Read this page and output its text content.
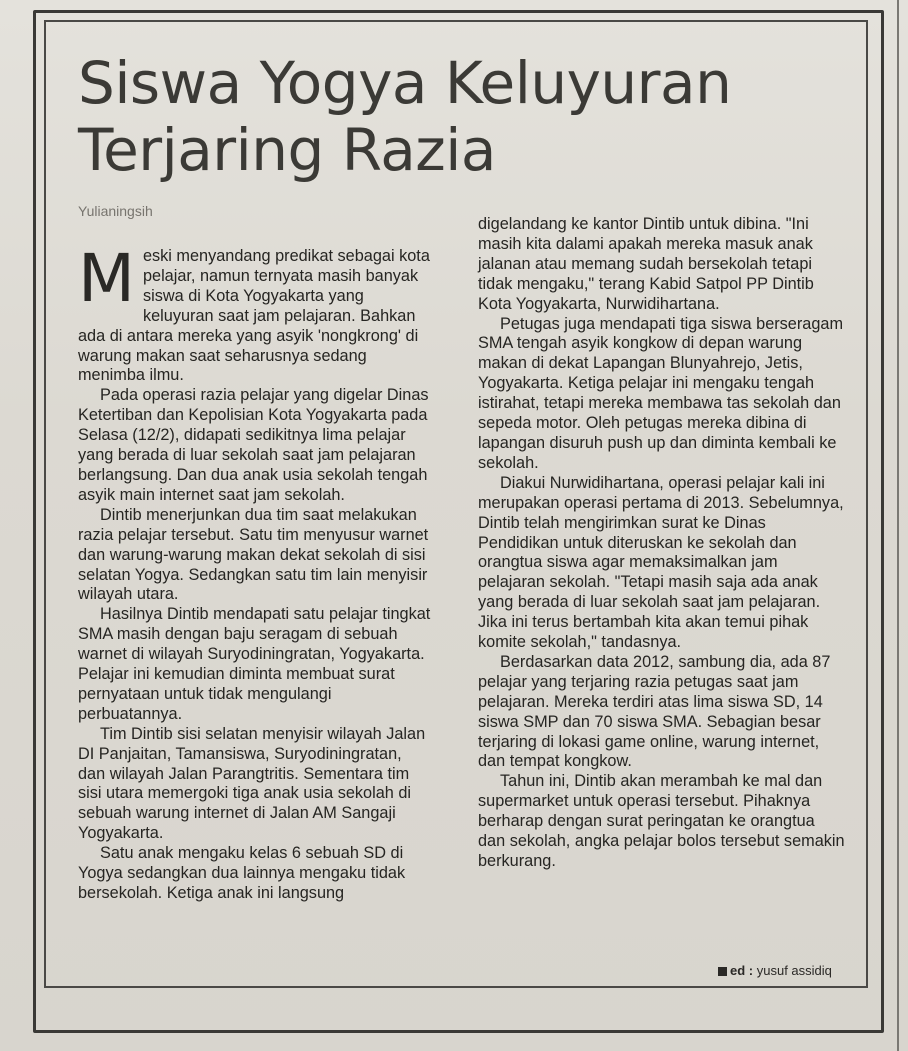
Siswa Yogya Keluyuran
Terjaring Razia
Yulianingsih

Meski menyandang predikat sebagai kota pelajar, namun ternyata masih banyak siswa di Kota Yogyakarta yang keluyuran saat jam pelajaran. Bahkan ada di antara mereka yang asyik 'nongkrong' di warung makan saat seharusnya sedang menimba ilmu.

Pada operasi razia pelajar yang digelar Dinas Ketertiban dan Kepolisian Kota Yogyakarta pada Selasa (12/2), didapati sedikitnya lima pelajar yang berada di luar sekolah saat jam pelajaran berlangsung. Dan dua anak usia sekolah tengah asyik main internet saat jam sekolah.

Dintib menerjunkan dua tim saat melakukan razia pelajar tersebut. Satu tim menyusur warnet dan warung-warung makan dekat sekolah di sisi selatan Yogya. Sedangkan satu tim lain menyisir wilayah utara.

Hasilnya Dintib mendapati satu pelajar tingkat SMA masih dengan baju seragam di sebuah warnet di wilayah Suryodiningratan, Yogyakarta. Pelajar ini kemudian diminta membuat surat pernyataan untuk tidak mengulangi perbuatannya.

Tim Dintib sisi selatan menyisir wilayah Jalan DI Panjaitan, Tamansiswa, Suryodiningratan, dan wilayah Jalan Parangtritis. Sementara tim sisi utara memergoki tiga anak usia sekolah di sebuah warung internet di Jalan AM Sangaji Yogyakarta.

Satu anak mengaku kelas 6 sebuah SD di Yogya sedangkan dua lainnya mengaku tidak bersekolah. Ketiga anak ini langsung

digelandang ke kantor Dintib untuk dibina. "Ini masih kita dalami apakah mereka masuk anak jalanan atau memang sudah bersekolah tetapi tidak mengaku," terang Kabid Satpol PP Dintib Kota Yogyakarta, Nurwidihartana.

Petugas juga mendapati tiga siswa berseragam SMA tengah asyik kongkow di depan warung makan di dekat Lapangan Blunyahrejo, Jetis, Yogyakarta. Ketiga pelajar ini mengaku tengah istirahat, tetapi mereka membawa tas sekolah dan sepeda motor. Oleh petugas mereka dibina di lapangan disuruh push up dan diminta kembali ke sekolah.

Diakui Nurwidihartana, operasi pelajar kali ini merupakan operasi pertama di 2013. Sebelumnya, Dintib telah mengirimkan surat ke Dinas Pendidikan untuk diteruskan ke sekolah dan orangtua siswa agar memaksimalkan jam pelajaran sekolah. "Tetapi masih saja ada anak yang berada di luar sekolah saat jam pelajaran. Jika ini terus bertambah kita akan temui pihak komite sekolah," tandasnya.

Berdasarkan data 2012, sambung dia, ada 87 pelajar yang terjaring razia petugas saat jam pelajaran. Mereka terdiri atas lima siswa SD, 14 siswa SMP dan 70 siswa SMA. Sebagian besar terjaring di lokasi game online, warung internet, dan tempat kongkow.

Tahun ini, Dintib akan merambah ke mal dan supermarket untuk operasi tersebut. Pihaknya berharap dengan surat peringatan ke orangtua dan sekolah, angka pelajar bolos tersebut semakin berkurang.

ed : yusuf assidiq
